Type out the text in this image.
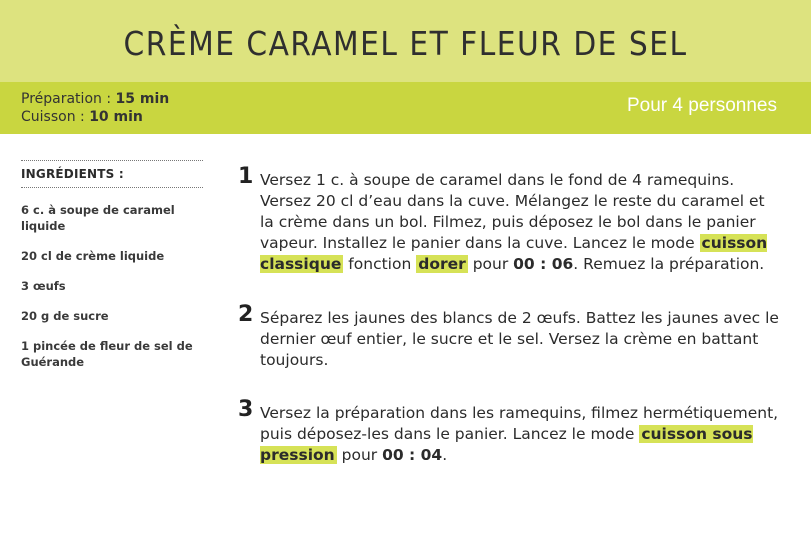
CRÈME CARAMEL ET FLEUR DE SEL
Préparation : 15 min
Cuisson : 10 min
Pour 4 personnes
INGRÉDIENTS :
6 c. à soupe de caramel liquide
20 cl de crème liquide
3 œufs
20 g de sucre
1 pincée de fleur de sel de Guérande
1 Versez 1 c. à soupe de caramel dans le fond de 4 ramequins. Versez 20 cl d’eau dans la cuve. Mélangez le reste du caramel et la crème dans un bol. Filmez, puis déposez le bol dans le panier vapeur. Installez le panier dans la cuve. Lancez le mode cuisson classique fonction dorer pour 00 : 06. Remuez la préparation.
2 Séparez les jaunes des blancs de 2 œufs. Battez les jaunes avec le dernier œuf entier, le sucre et le sel. Versez la crème en battant toujours.
3 Versez la préparation dans les ramequins, filmez hermétiquement, puis déposez-les dans le panier. Lancez le mode cuisson sous pression pour 00 : 04.
